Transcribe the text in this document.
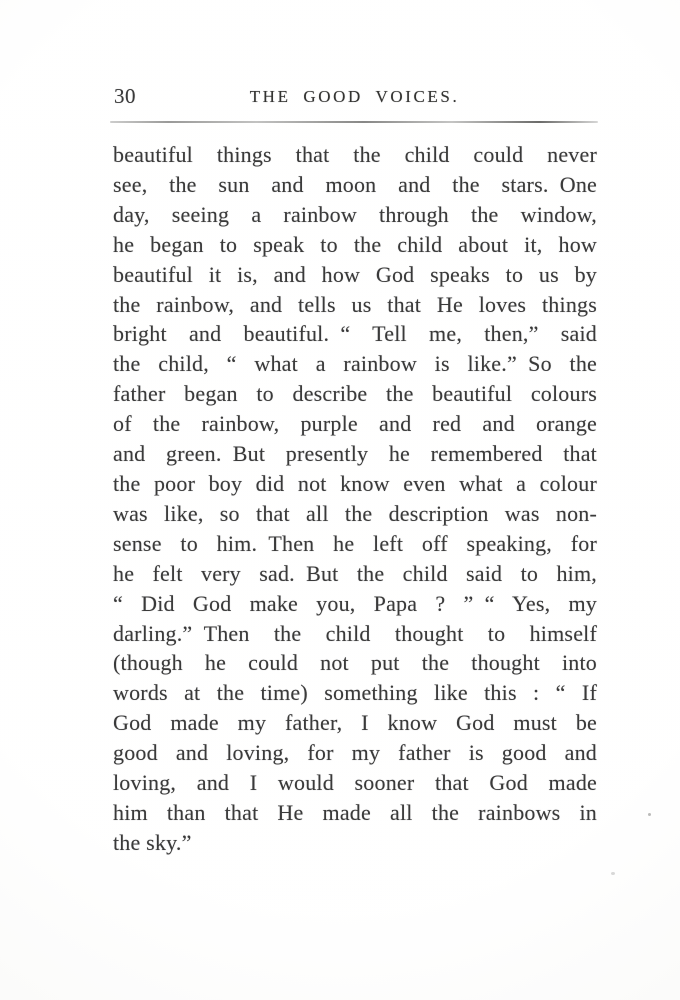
30	THE GOOD VOICES.
beautiful things that the child could never
see, the sun and moon and the stars. One
day, seeing a rainbow through the window,
he began to speak to the child about it, how
beautiful it is, and how God speaks to us by
the rainbow, and tells us that He loves things
bright and beautiful. “ Tell me, then,” said
the child, “ what a rainbow is like.” So the
father began to describe the beautiful colours
of the rainbow, purple and red and orange
and green. But presently he remembered that
the poor boy did not know even what a colour
was like, so that all the description was non-
sense to him. Then he left off speaking, for
he felt very sad. But the child said to him,
“ Did God make you, Papa ? ” “ Yes, my
darling.” Then the child thought to himself
(though he could not put the thought into
words at the time) something like this : “ If
God made my father, I know God must be
good and loving, for my father is good and
loving, and I would sooner that God made
him than that He made all the rainbows in
the sky.”
